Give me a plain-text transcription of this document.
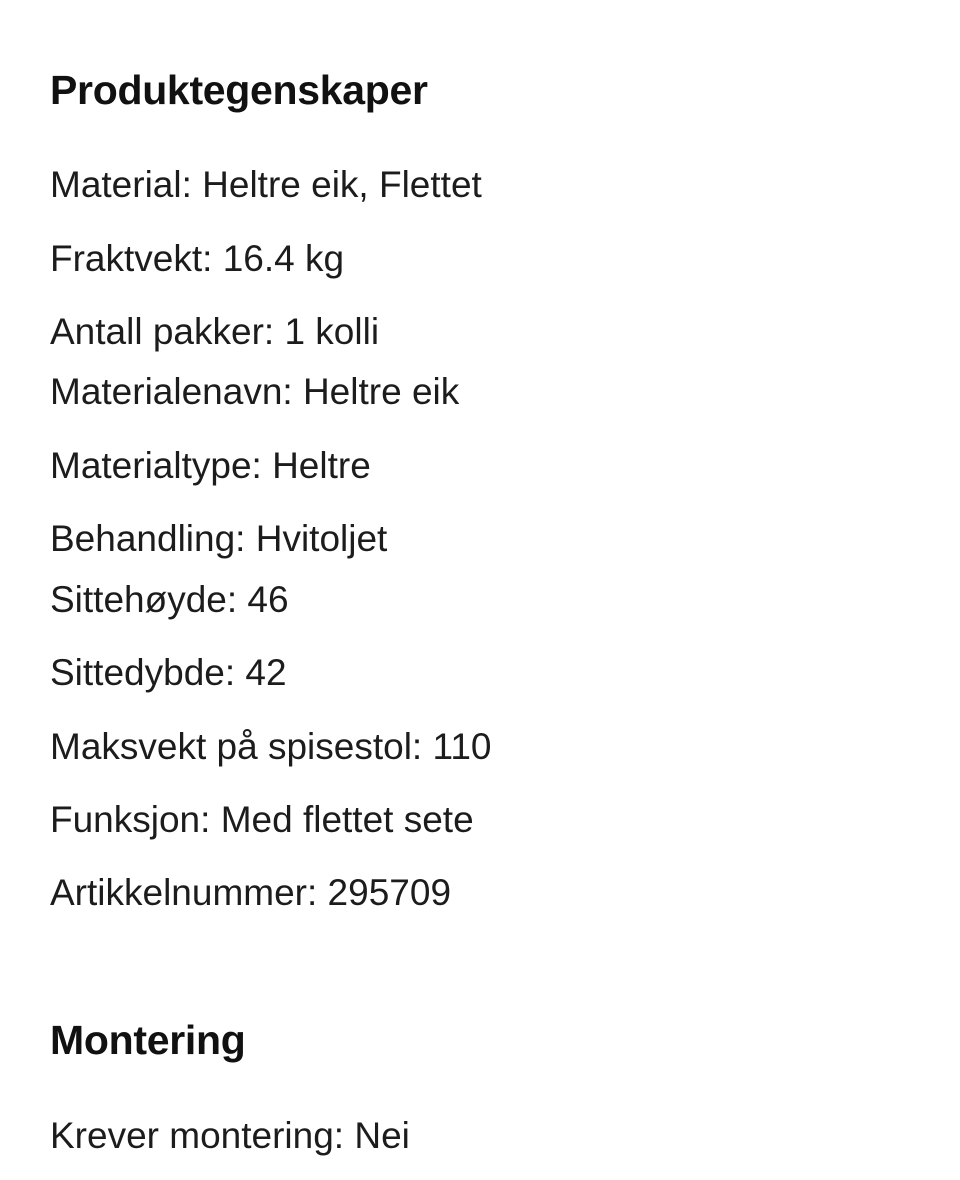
Produktegenskaper

Material: Heltre eik, Flettet

Fraktvekt: 16.4 kg

Antall pakker: 1 kolli

Materialenavn: Heltre eik

Materialtype: Heltre

Behandling: Hvitoljet

Sittehøyde: 46

Sittedybde: 42

Maksvekt på spisestol: 110

Funksjon: Med flettet sete

Artikkelnummer: 295709

Montering

Krever montering: Nei
